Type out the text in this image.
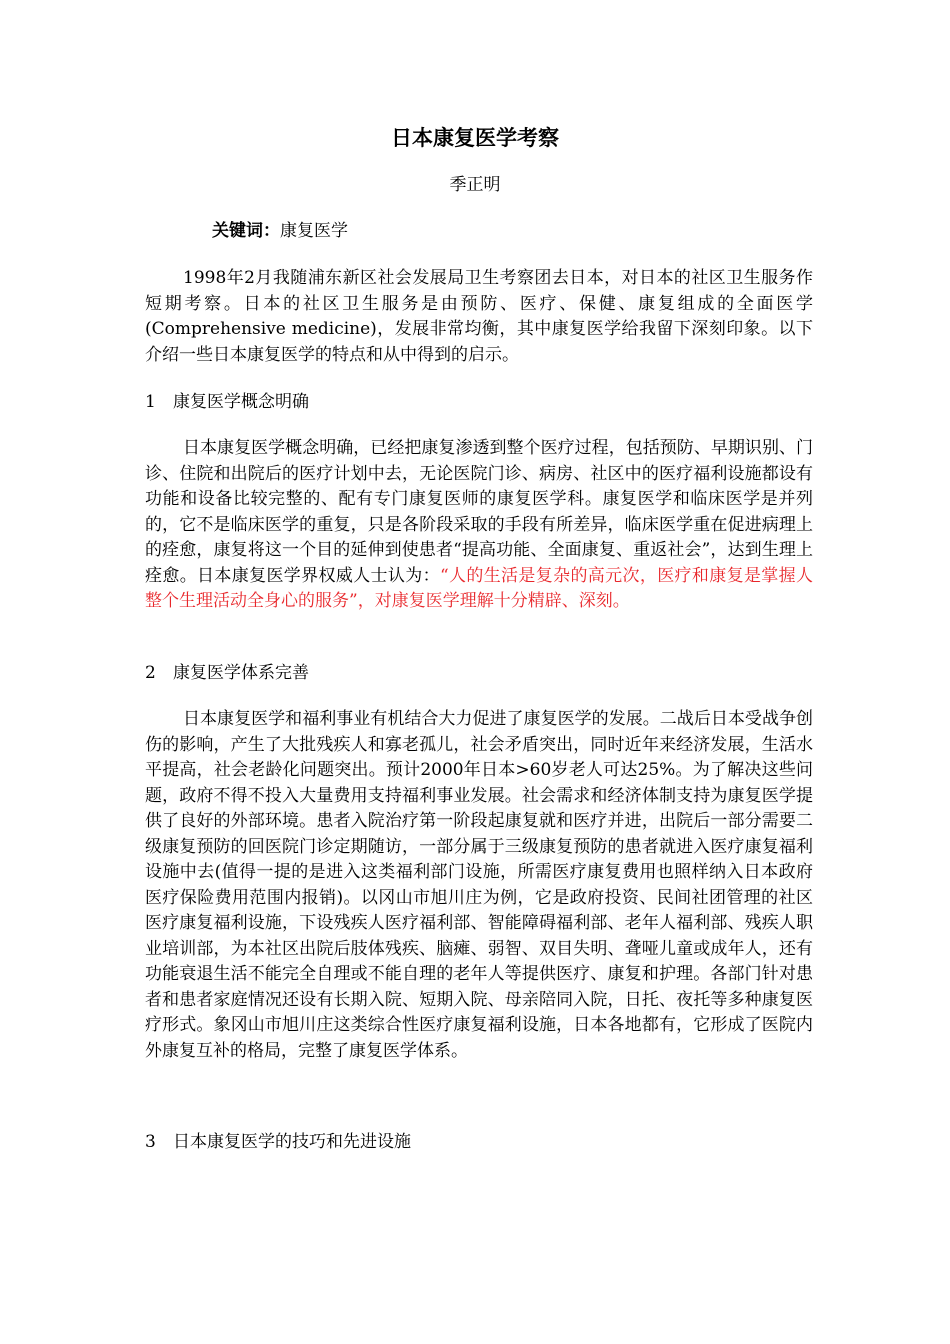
日本康复医学考察
季正明
关键词：康复医学

1998年2月我随浦东新区社会发展局卫生考察团去日本，对日本的社区卫生服务作短期考察。日本的社区卫生服务是由预防、医疗、保健、康复组成的全面医学(Comprehensive medicine)，发展非常均衡，其中康复医学给我留下深刻印象。以下介绍一些日本康复医学的特点和从中得到的启示。

1 康复医学概念明确

日本康复医学概念明确，已经把康复渗透到整个医疗过程，包括预防、早期识别、门诊、住院和出院后的医疗计划中去，无论医院门诊、病房、社区中的医疗福利设施都设有功能和设备比较完整的、配有专门康复医师的康复医学科。康复医学和临床医学是并列的，它不是临床医学的重复，只是各阶段采取的手段有所差异，临床医学重在促进病理上的痊愈，康复将这一个目的延伸到使患者“提高功能、全面康复、重返社会”，达到生理上痊愈。日本康复医学界权威人士认为：“人的生活是复杂的高元次，医疗和康复是掌握人整个生理活动全身心的服务”，对康复医学理解十分精辟、深刻。

2 康复医学体系完善

日本康复医学和福利事业有机结合大力促进了康复医学的发展。二战后日本受战争创伤的影响，产生了大批残疾人和寡老孤儿，社会矛盾突出，同时近年来经济发展，生活水平提高，社会老龄化问题突出。预计2000年日本>60岁老人可达25%。为了解决这些问题，政府不得不投入大量费用支持福利事业发展。社会需求和经济体制支持为康复医学提供了良好的外部环境。患者入院治疗第一阶段起康复就和医疗并进，出院后一部分需要二级康复预防的回医院门诊定期随访，一部分属于三级康复预防的患者就进入医疗康复福利设施中去(值得一提的是进入这类福利部门设施，所需医疗康复费用也照样纳入日本政府医疗保险费用范围内报销)。以冈山市旭川庄为例，它是政府投资、民间社团管理的社区医疗康复福利设施，下设残疾人医疗福利部、智能障碍福利部、老年人福利部、残疾人职业培训部，为本社区出院后肢体残疾、脑瘫、弱智、双目失明、聋哑儿童或成年人，还有功能衰退生活不能完全自理或不能自理的老年人等提供医疗、康复和护理。各部门针对患者和患者家庭情况还设有长期入院、短期入院、母亲陪同入院，日托、夜托等多种康复医疗形式。象冈山市旭川庄这类综合性医疗康复福利设施，日本各地都有，它形成了医院内外康复互补的格局，完整了康复医学体系。

3 日本康复医学的技巧和先进设施
